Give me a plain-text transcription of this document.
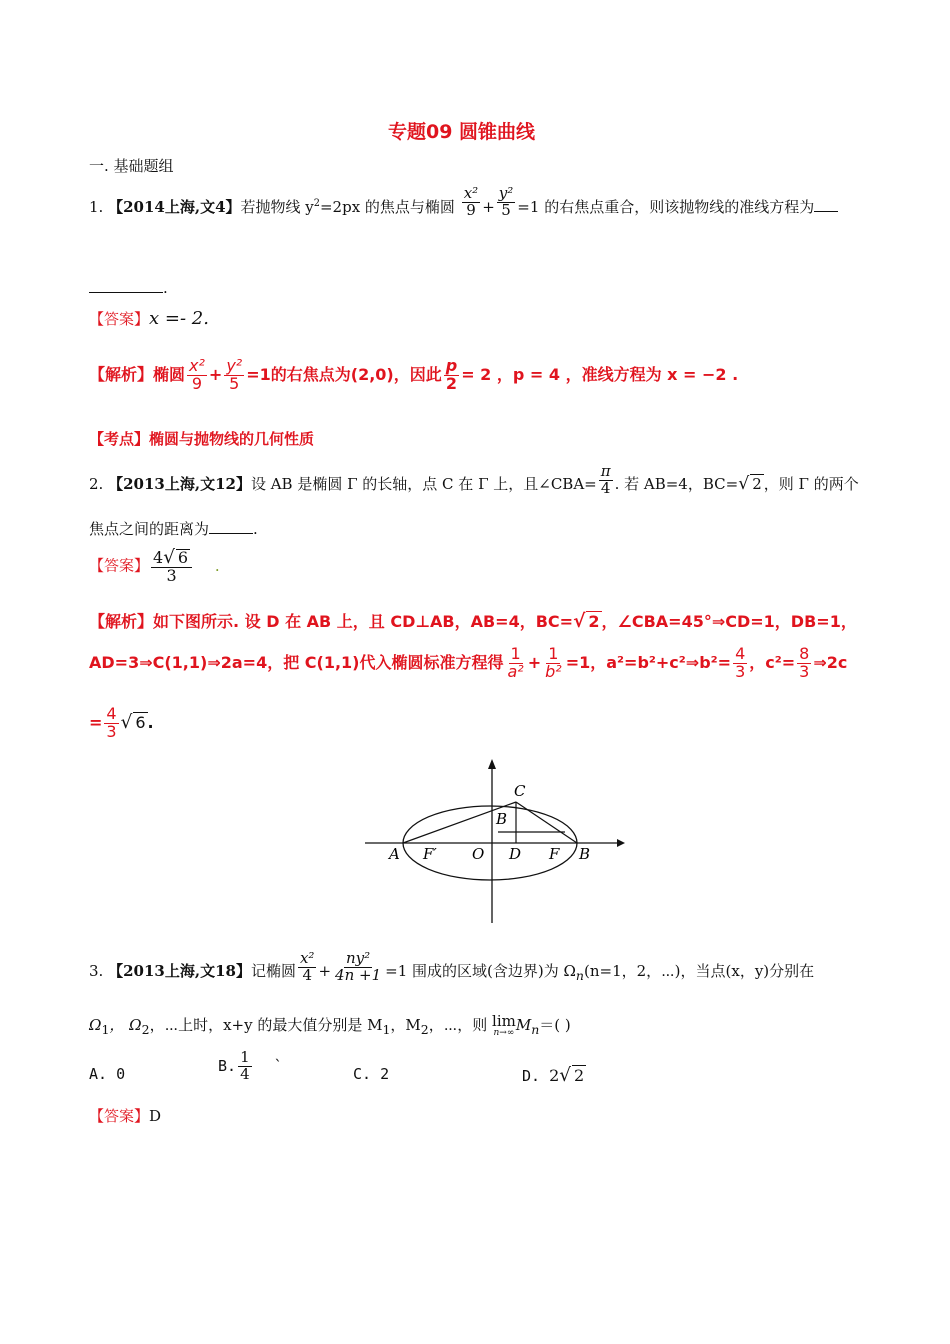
专题09 圆锥曲线
一. 基础题组
1. 【2014上海,文4】若抛物线 $y^2=2px$ 的焦点与椭圆 $\frac{\text{x²}}{9} + \frac{\text{y²}}{5} =1$ 的右焦点重合，则该抛物线的准线方程为
.
【答案】x =- 2.
【解析】椭圆 $\frac{\text{x²}}{9} + \frac{\text{y²}}{5} =1$的右焦点为(2,0)，因此 $\frac{p}{2} = 2$ ，p = 4 ，准线方程为 x = −2 .
【考点】椭圆与抛物线的几何性质
2. 【2013上海,文12】设 AB 是椭圆 Γ 的长轴，点 C 在 Γ 上，且∠CBA= $\frac{\pi}{4}$ . 若 AB=4，BC=√ 2 ，则 Γ 的两个
焦点之间的距离为	.
【答案】 $\frac{4√ 6}{3}$ .
【解析】如下图所示. 设 D 在 AB 上，且 CD⊥AB，AB=4，BC=√ 2 ，∠CBA=45°⇒CD=1，DB=1，
AD=3⇒C(1,1)⇒2a=4，把 C(1,1)代入椭圆标准方程得 $\frac{1}{\text{a²}} + \frac{1}{\text{b²}} =1$，a²=b²+c²⇒b²= $\frac{4}{3}$ ，$c^2= \frac{8}{3}$ ⇒2c
= $\frac{4}{3}$ √ 6 .
A F′ O D F B
B
C
3. 【2013上海,文18】记椭圆 $\frac{\text{x²}}{4} + \frac{\text{ny²}}{4n +1} =1$ 围成的区域(含边界)为 $\Omega_n(n=1$，2，⋯)，当点(x，y)分别在
$\Omega_1$， $\Omega_2$，⋯上时，x+y 的最大值分别是 $M_1$，$M_2$，⋯，则 lim
n→∞ $M_n=$( )
A. 0	B. $\frac{1}{4}$ `	C. 2	D. 2√ 2
【答案】D
